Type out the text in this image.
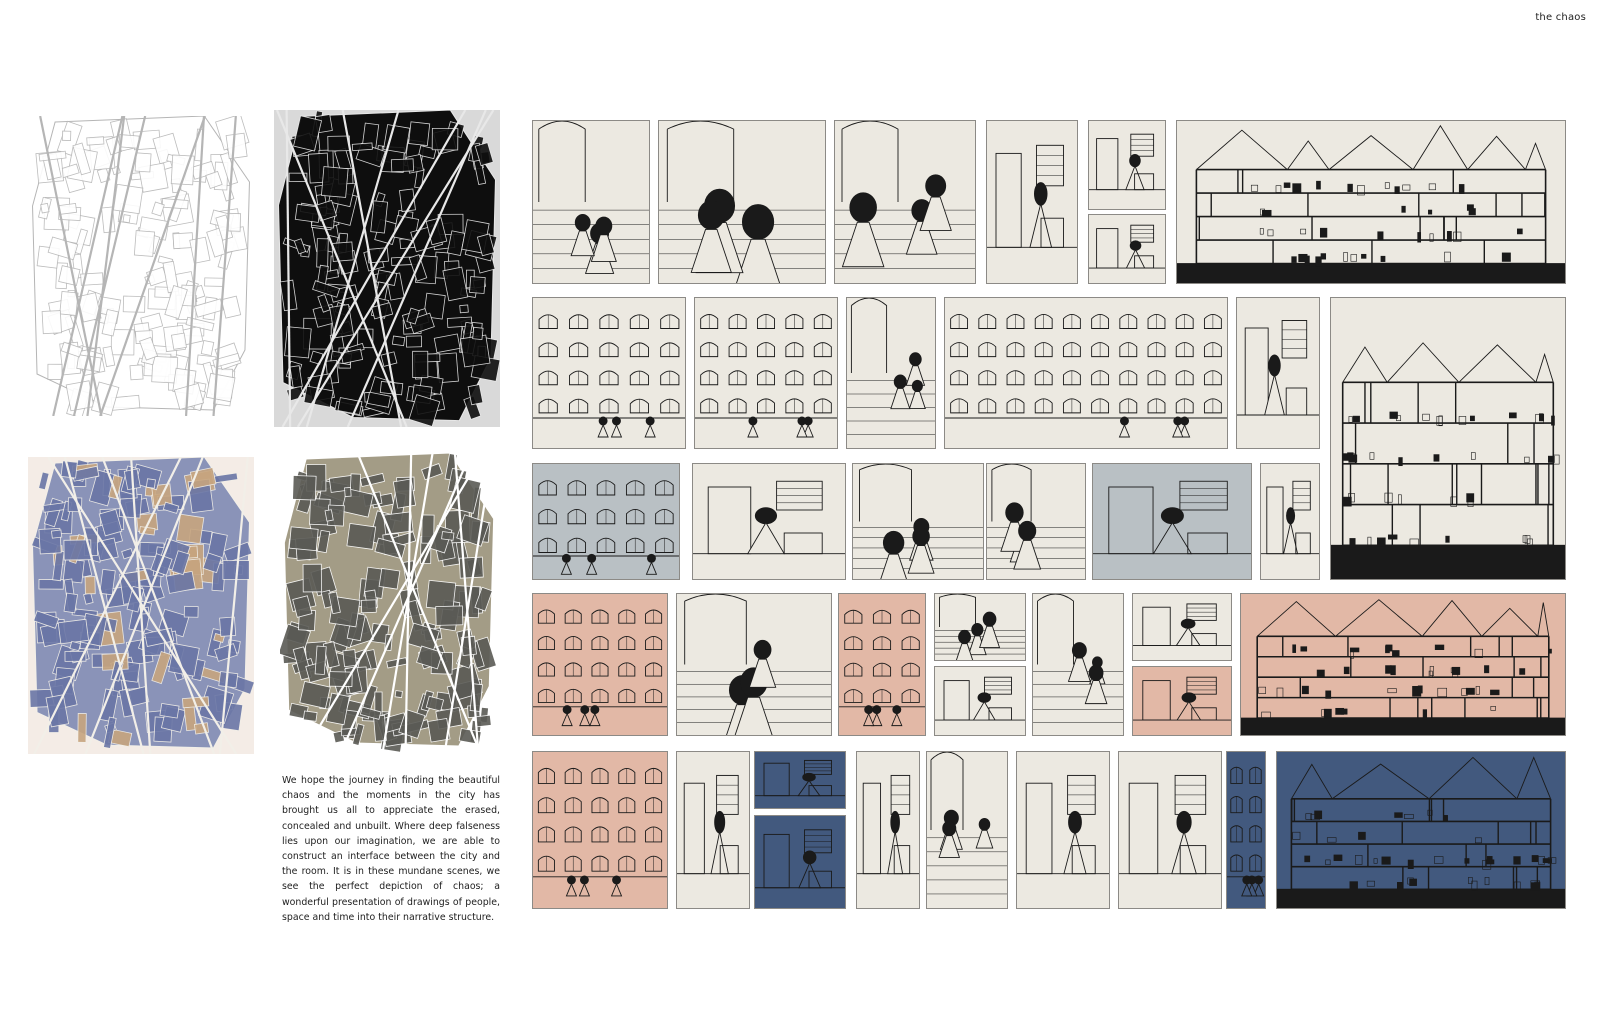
the chaos

We hope the journey in finding the beautiful chaos and the moments in the city has brought us all to appreciate the erased, concealed and unbuilt. Where deep falseness lies upon our imagination, we are able to construct an interface between the city and the room. It is in these mundane scenes, we see the perfect depiction of chaos; a wonderful presentation of drawings of people, space and time into their narrative structure.
